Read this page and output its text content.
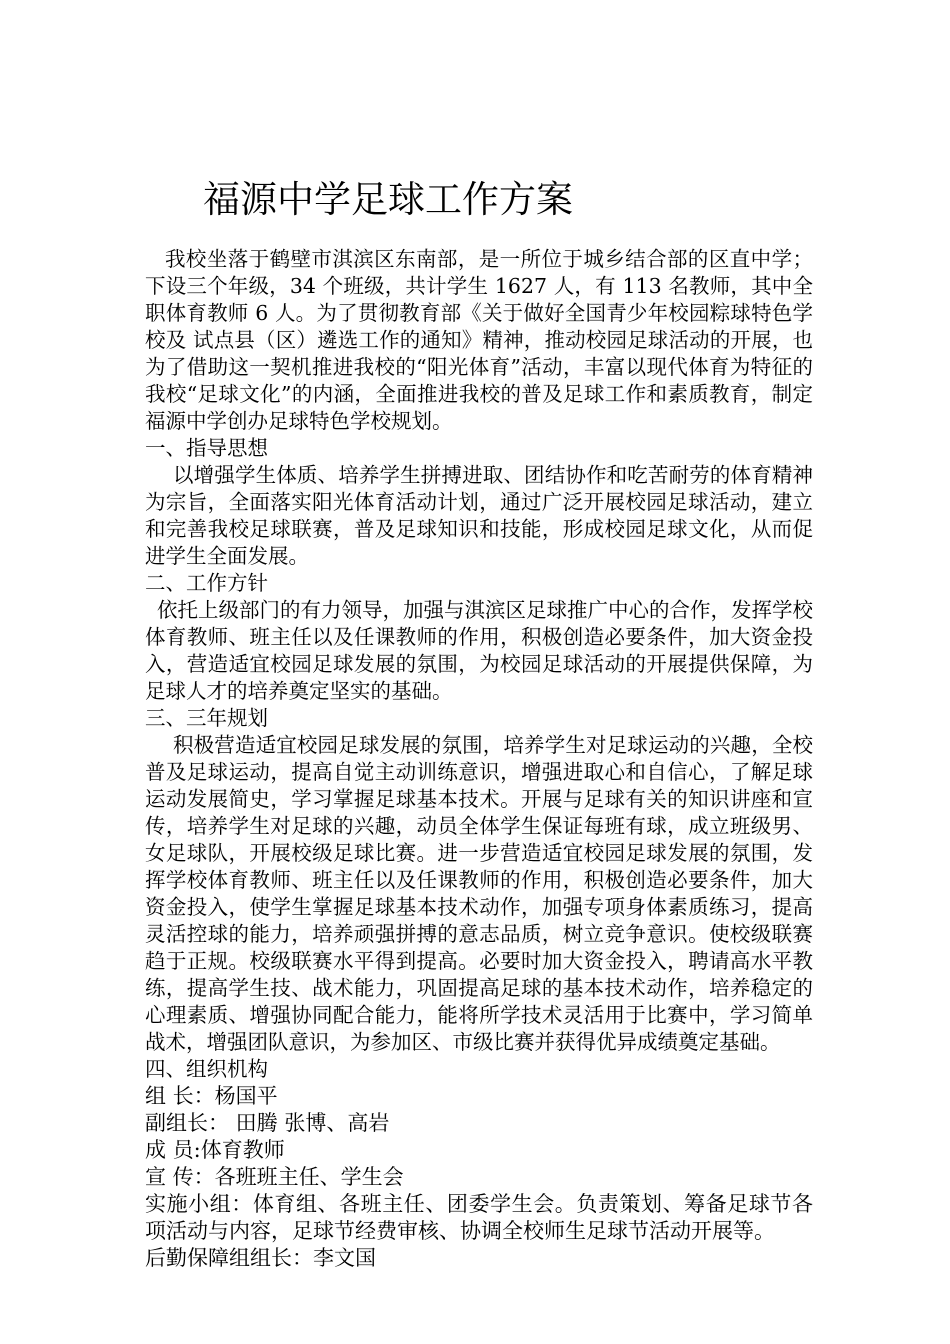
福源中学足球工作方案

我校坐落于鹤壁市淇滨区东南部，是一所位于城乡结合部的区直中学；下设三个年级，34 个班级，共计学生 1627 人，有 113 名教师，其中全职体育教师 6 人。为了贯彻教育部《关于做好全国青少年校园粽球特色学校及 试点县（区）遴选工作的通知》精神，推动校园足球活动的开展，也为了借助这一契机推进我校的“阳光体育”活动，丰富以现代体育为特征的我校“足球文化”的内涵，全面推进我校的普及足球工作和素质教育，制定福源中学创办足球特色学校规划。

一、指导思想

以增强学生体质、培养学生拼搏进取、团结协作和吃苦耐劳的体育精神为宗旨，全面落实阳光体育活动计划，通过广泛开展校园足球活动，建立和完善我校足球联赛，普及足球知识和技能，形成校园足球文化，从而促进学生全面发展。

二、工作方针

依托上级部门的有力领导，加强与淇滨区足球推广中心的合作，发挥学校体育教师、班主任以及任课教师的作用，积极创造必要条件，加大资金投入，营造适宜校园足球发展的氛围，为校园足球活动的开展提供保障，为足球人才的培养奠定坚实的基础。

三、三年规划

积极营造适宜校园足球发展的氛围，培养学生对足球运动的兴趣，全校普及足球运动，提高自觉主动训练意识，增强进取心和自信心，了解足球运动发展简史，学习掌握足球基本技术。开展与足球有关的知识讲座和宣传，培养学生对足球的兴趣，动员全体学生保证每班有球，成立班级男、女足球队，开展校级足球比赛。进一步营造适宜校园足球发展的氛围，发挥学校体育教师、班主任以及任课教师的作用，积极创造必要条件，加大资金投入，使学生掌握足球基本技术动作，加强专项身体素质练习，提高灵活控球的能力，培养顽强拼搏的意志品质，树立竞争意识。使校级联赛趋于正规。校级联赛水平得到提高。必要时加大资金投入，聘请高水平教练，提高学生技、战术能力，巩固提高足球的基本技术动作，培养稳定的心理素质、增强协同配合能力，能将所学技术灵活用于比赛中，学习简单战术，增强团队意识，为参加区、市级比赛并获得优异成绩奠定基础。

四、组织机构

组 长：杨国平

副组长： 田腾 张博、高岩

成 员:体育教师

宣 传：各班班主任、学生会

实施小组：体育组、各班主任、团委学生会。负责策划、筹备足球节各项活动与内容，足球节经费审核、协调全校师生足球节活动开展等。

后勤保障组组长：李文国
